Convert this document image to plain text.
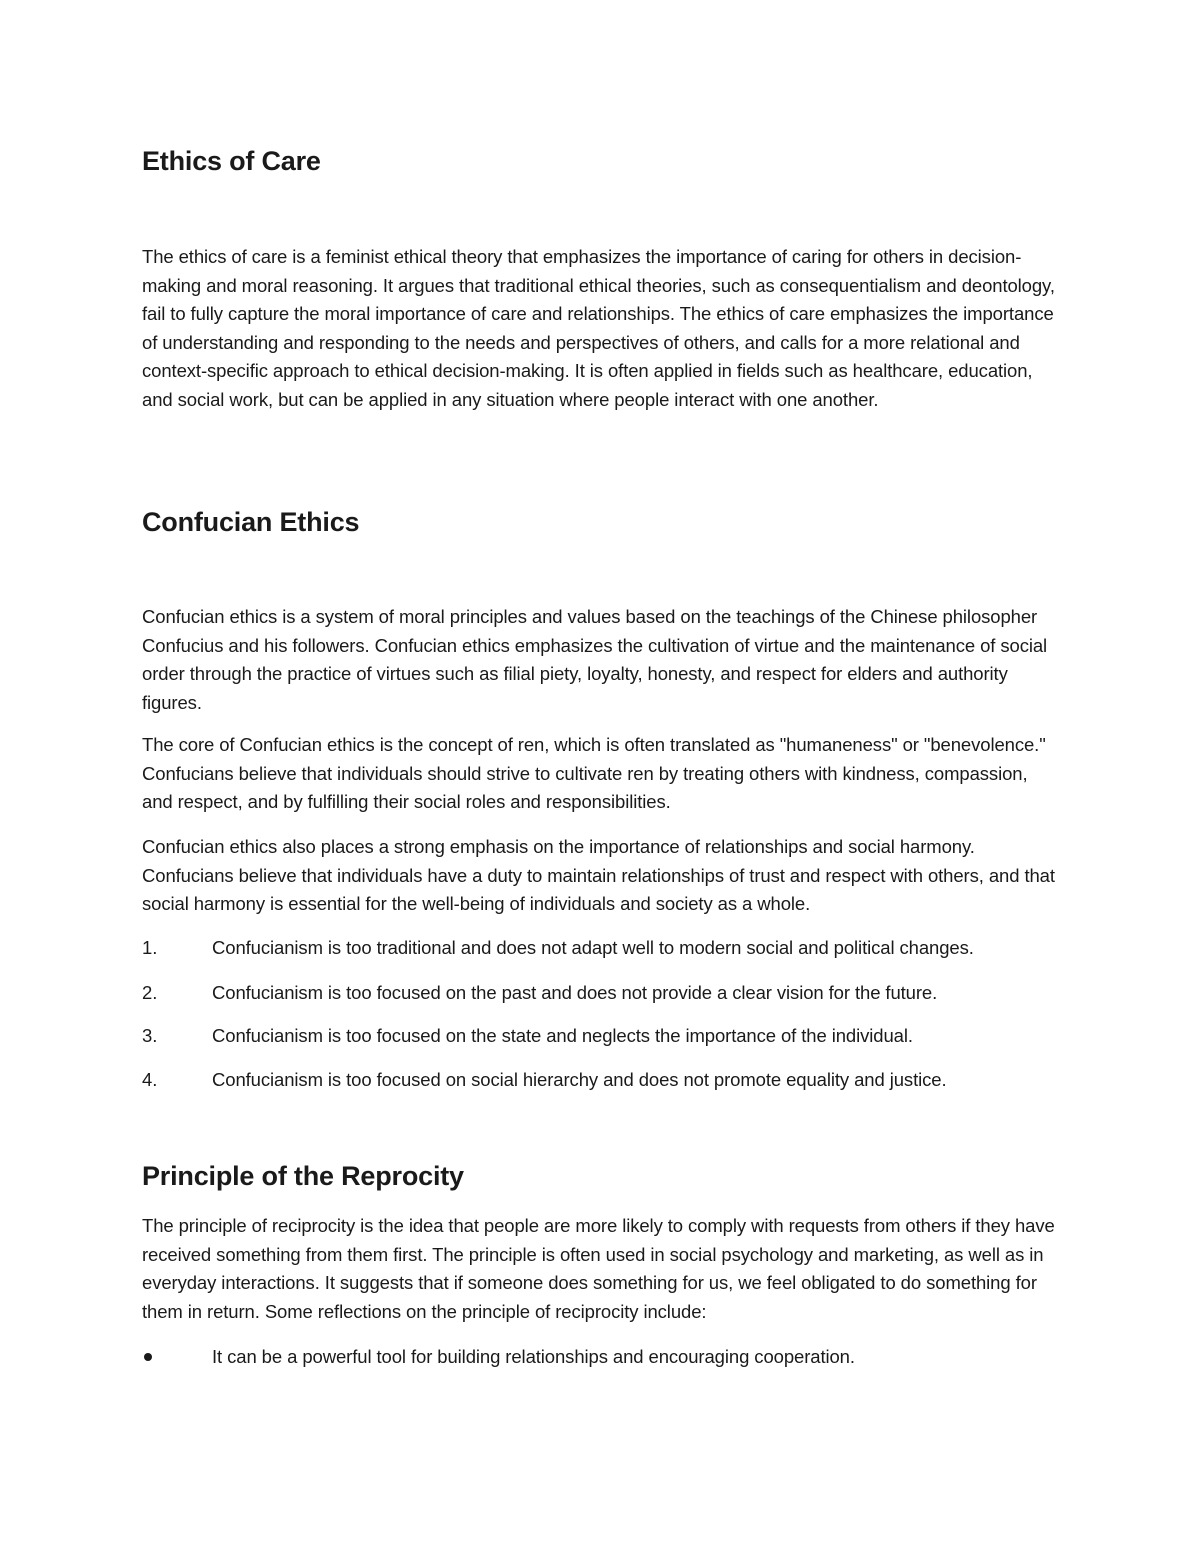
Ethics of Care

The ethics of care is a feminist ethical theory that emphasizes the importance of caring for others in decision-making and moral reasoning. It argues that traditional ethical theories, such as consequentialism and deontology, fail to fully capture the moral importance of care and relationships. The ethics of care emphasizes the importance of understanding and responding to the needs and perspectives of others, and calls for a more relational and context-specific approach to ethical decision-making. It is often applied in fields such as healthcare, education, and social work, but can be applied in any situation where people interact with one another.

Confucian Ethics

Confucian ethics is a system of moral principles and values based on the teachings of the Chinese philosopher Confucius and his followers. Confucian ethics emphasizes the cultivation of virtue and the maintenance of social order through the practice of virtues such as filial piety, loyalty, honesty, and respect for elders and authority figures.

The core of Confucian ethics is the concept of ren, which is often translated as "humaneness" or "benevolence." Confucians believe that individuals should strive to cultivate ren by treating others with kindness, compassion, and respect, and by fulfilling their social roles and responsibilities.

Confucian ethics also places a strong emphasis on the importance of relationships and social harmony. Confucians believe that individuals have a duty to maintain relationships of trust and respect with others, and that social harmony is essential for the well-being of individuals and society as a whole.

1.	Confucianism is too traditional and does not adapt well to modern social and political changes.
2.	Confucianism is too focused on the past and does not provide a clear vision for the future.
3.	Confucianism is too focused on the state and neglects the importance of the individual.
4.	Confucianism is too focused on social hierarchy and does not promote equality and justice.
Principle of the Reprocity

The principle of reciprocity is the idea that people are more likely to comply with requests from others if they have received something from them first. The principle is often used in social psychology and marketing, as well as in everyday interactions. It suggests that if someone does something for us, we feel obligated to do something for them in return. Some reflections on the principle of reciprocity include:

It can be a powerful tool for building relationships and encouraging cooperation.
